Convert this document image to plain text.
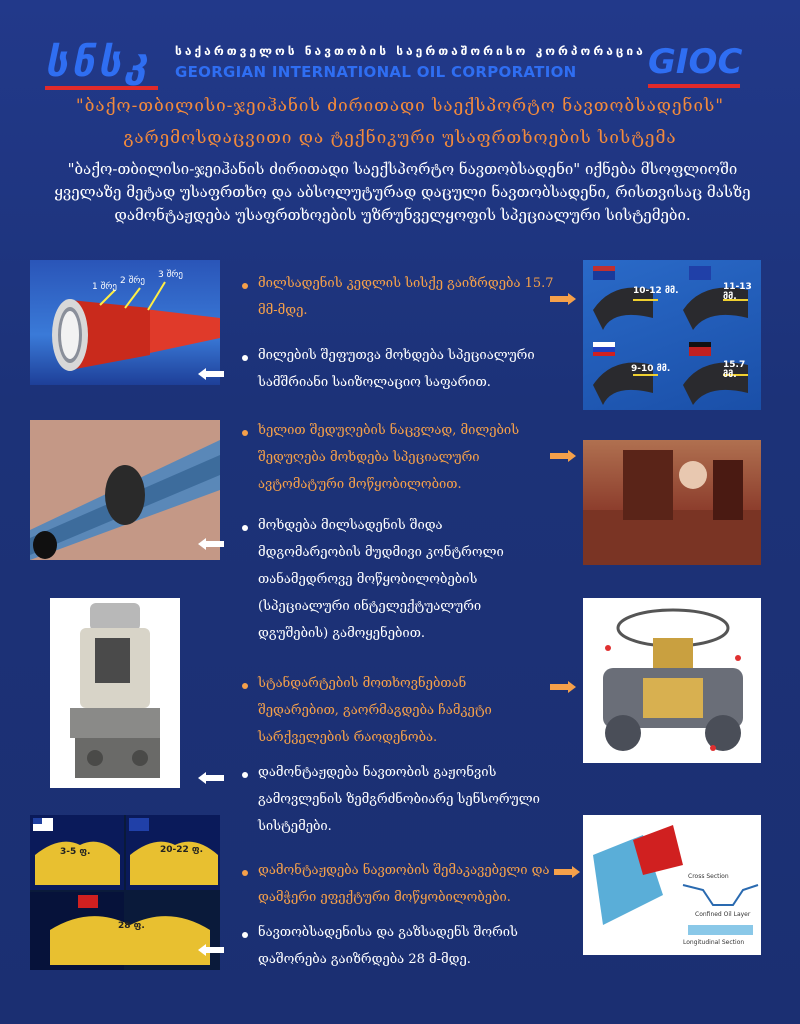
სნსკ საქართველოს ნავთობის საერთაშორისო კორპორაცია
GEORGIAN INTERNATIONAL OIL CORPORATION GIOC
"ბაქო-თბილისი-ჯეიჰანის ძირითადი საექსპორტო ნავთობსადენის"
გარემოსდაცვითი და ტექნიკური უსაფრთხოების სისტემა
"ბაქო-თბილისი-ჯეიჰანის ძირითადი საექსპორტო ნავთობსადენი" იქნება მსოფლიოში ყველაზე მეტად უსაფრთხო და აბსოლუტურად დაცული ნავთობსადენი, რისთვისაც მასზე დამონტაჟდება უსაფრთხოების უზრუნველყოფის სპეციალური სისტემები.
1 შრე
2 შრე
3 შრე
10-12 მმ.	11-13 მმ.
9-10 მმ.	15.7 მმ.
3-5 ფ.	20-22 ფ.
28 ფ.
Cross Section
Confined Oil Layer
Longitudinal Section
მილსადენის კედლის სისქე გაიზრდება 15.7 მმ-მდე.
მილების შეფუთვა მოხდება სპეციალური სამშრიანი საიზოლაციო საფარით.
ხელით შედუღების ნაცვლად, მილების შედუღება მოხდება სპეციალური ავტომატური მოწყობილობით.
მოხდება მილსადენის შიდა მდგომარეობის მუდმივი კონტროლი თანამედროვე მოწყობილობების (სპეციალური ინტელექტუალური დგუშების) გამოყენებით.
სტანდარტების მოთხოვნებთან შედარებით, გაორმაგდება ჩამკეტი სარქველების რაოდენობა.
დამონტაჟდება ნავთობის გაჟონვის გამოვლენის ზემგრძნობიარე სენსორული სისტემები.
დამონტაჟდება ნავთობის შემაკავებელი და დამჭერი ეფექტური მოწყობილობები.
ნავთობსადენისა და გაზსადენს შორის დაშორება გაიზრდება 28 მ-მდე.
